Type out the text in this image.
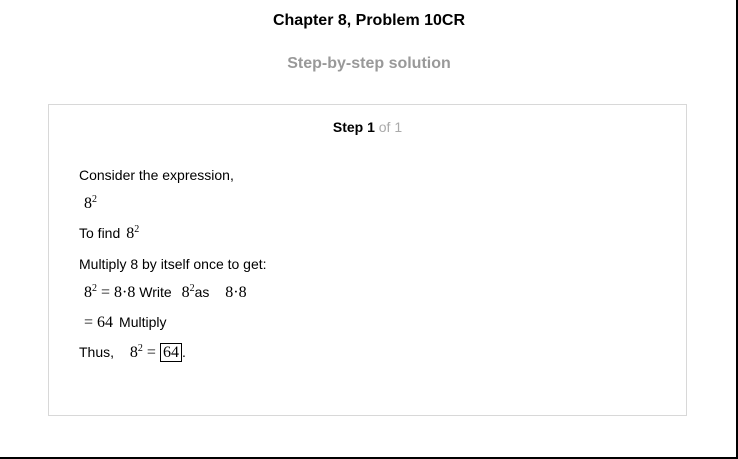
Chapter 8, Problem 10CR
Step-by-step solution
Step 1 of 1
Consider the expression,
$8^2$
To find $8^2$
Multiply 8 by itself once to get:
$8^2 = 8\cdot 8$ Write $8^2as$ 8·8
= 64 Multiply
Thus, $8^2 = 64$ .
